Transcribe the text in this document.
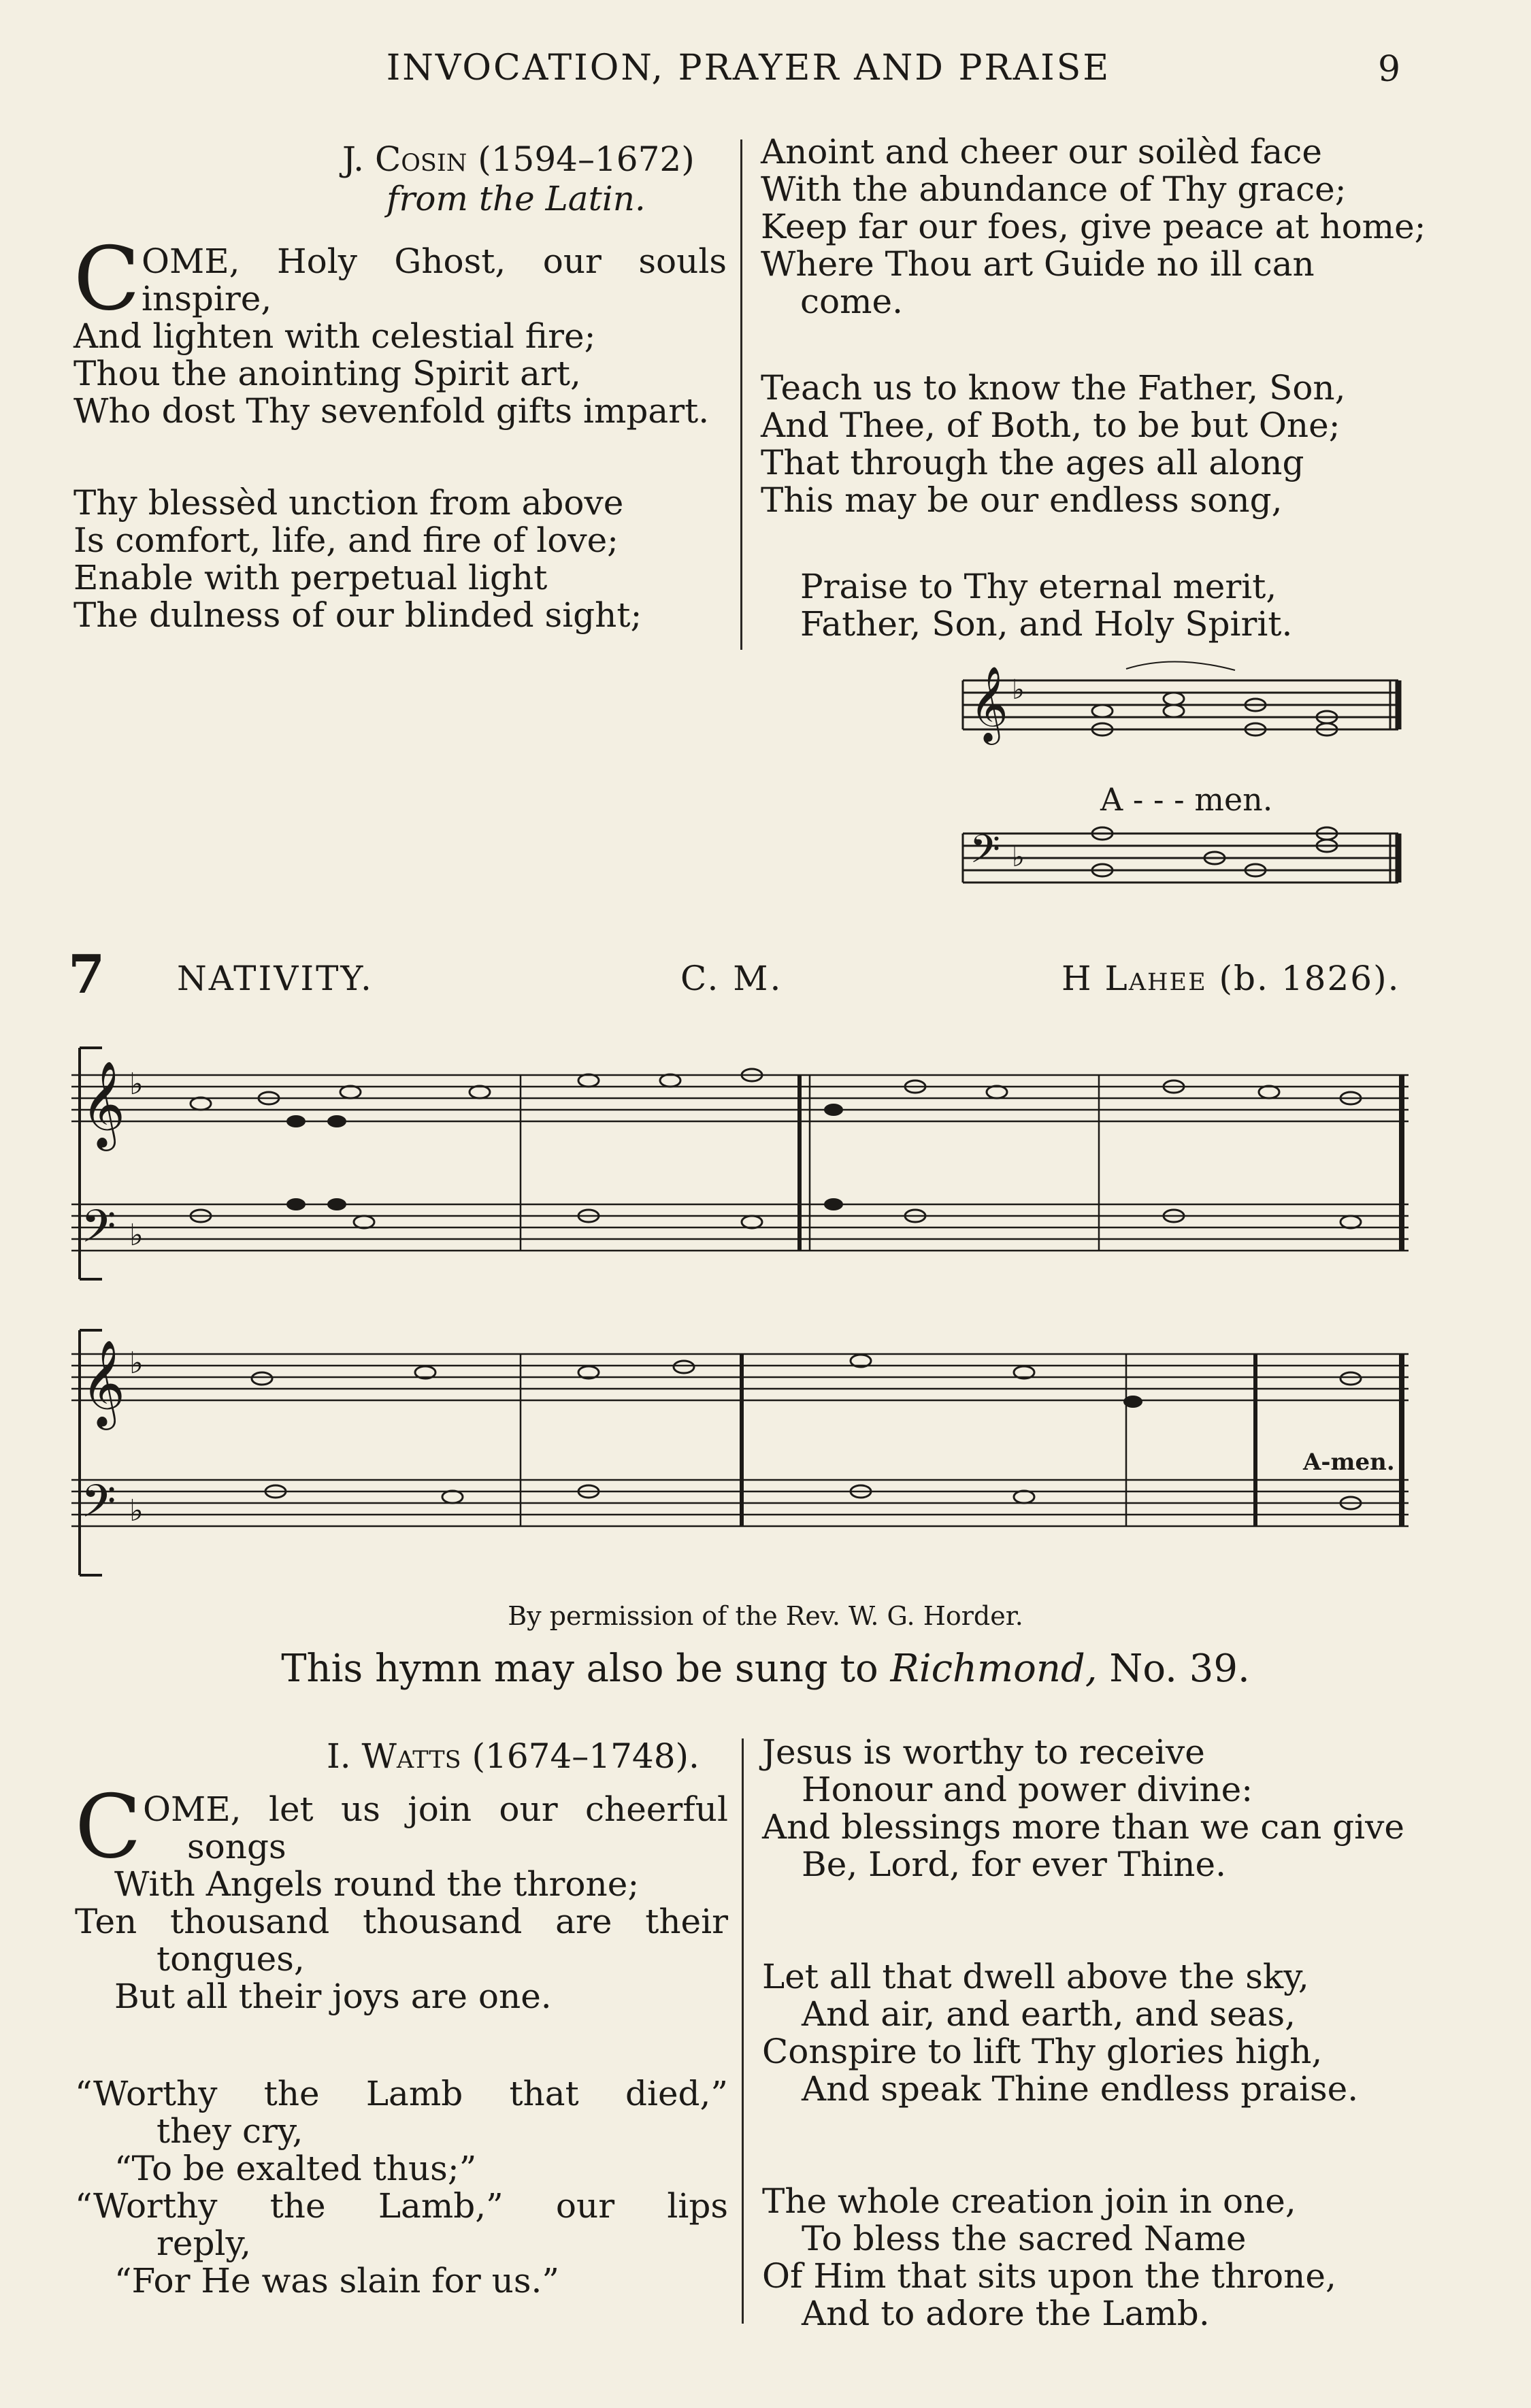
INVOCATION, PRAYER AND PRAISE	9
J. Cosin (1594–1672)
from the Latin.
C OME, Holy Ghost, our souls
inspire,
And lighten with celestial fire;
Thou the anointing Spirit art,
Who dost Thy sevenfold gifts impart.
Thy blessèd unction from above
Is comfort, life, and fire of love;
Enable with perpetual light
The dulness of our blinded sight;
Anoint and cheer our soilèd face
With the abundance of Thy grace;
Keep far our foes, give peace at home;
Where Thou art Guide no ill can
come.
Teach us to know the Father, Son,
And Thee, of Both, to be but One;
That through the ages all along
This may be our endless song,
Praise to Thy eternal merit,
Father, Son, and Holy Spirit.
𝄞
𝄢
♭
♭
A - - - men.
7 NATIVITY.	C. M.	H Lahee (b. 1826).
𝄞
𝄢
𝄞
𝄢
♭
♭
♭
♭
A-men.
By permission of the Rev. W. G. Horder.
This hymn may also be sung to Richmond, No. 39.
I. Watts (1674–1748).
C OME, let us join our cheerful
songs
With Angels round the throne;
Ten thousand thousand are their
tongues,
But all their joys are one.
“Worthy the Lamb that died,”
they cry,
“To be exalted thus;”
“Worthy the Lamb,” our lips
reply,
“For He was slain for us.”
Jesus is worthy to receive
Honour and power divine:
And blessings more than we can give
Be, Lord, for ever Thine.
Let all that dwell above the sky,
And air, and earth, and seas,
Conspire to lift Thy glories high,
And speak Thine endless praise.
The whole creation join in one,
To bless the sacred Name
Of Him that sits upon the throne,
And to adore the Lamb.
